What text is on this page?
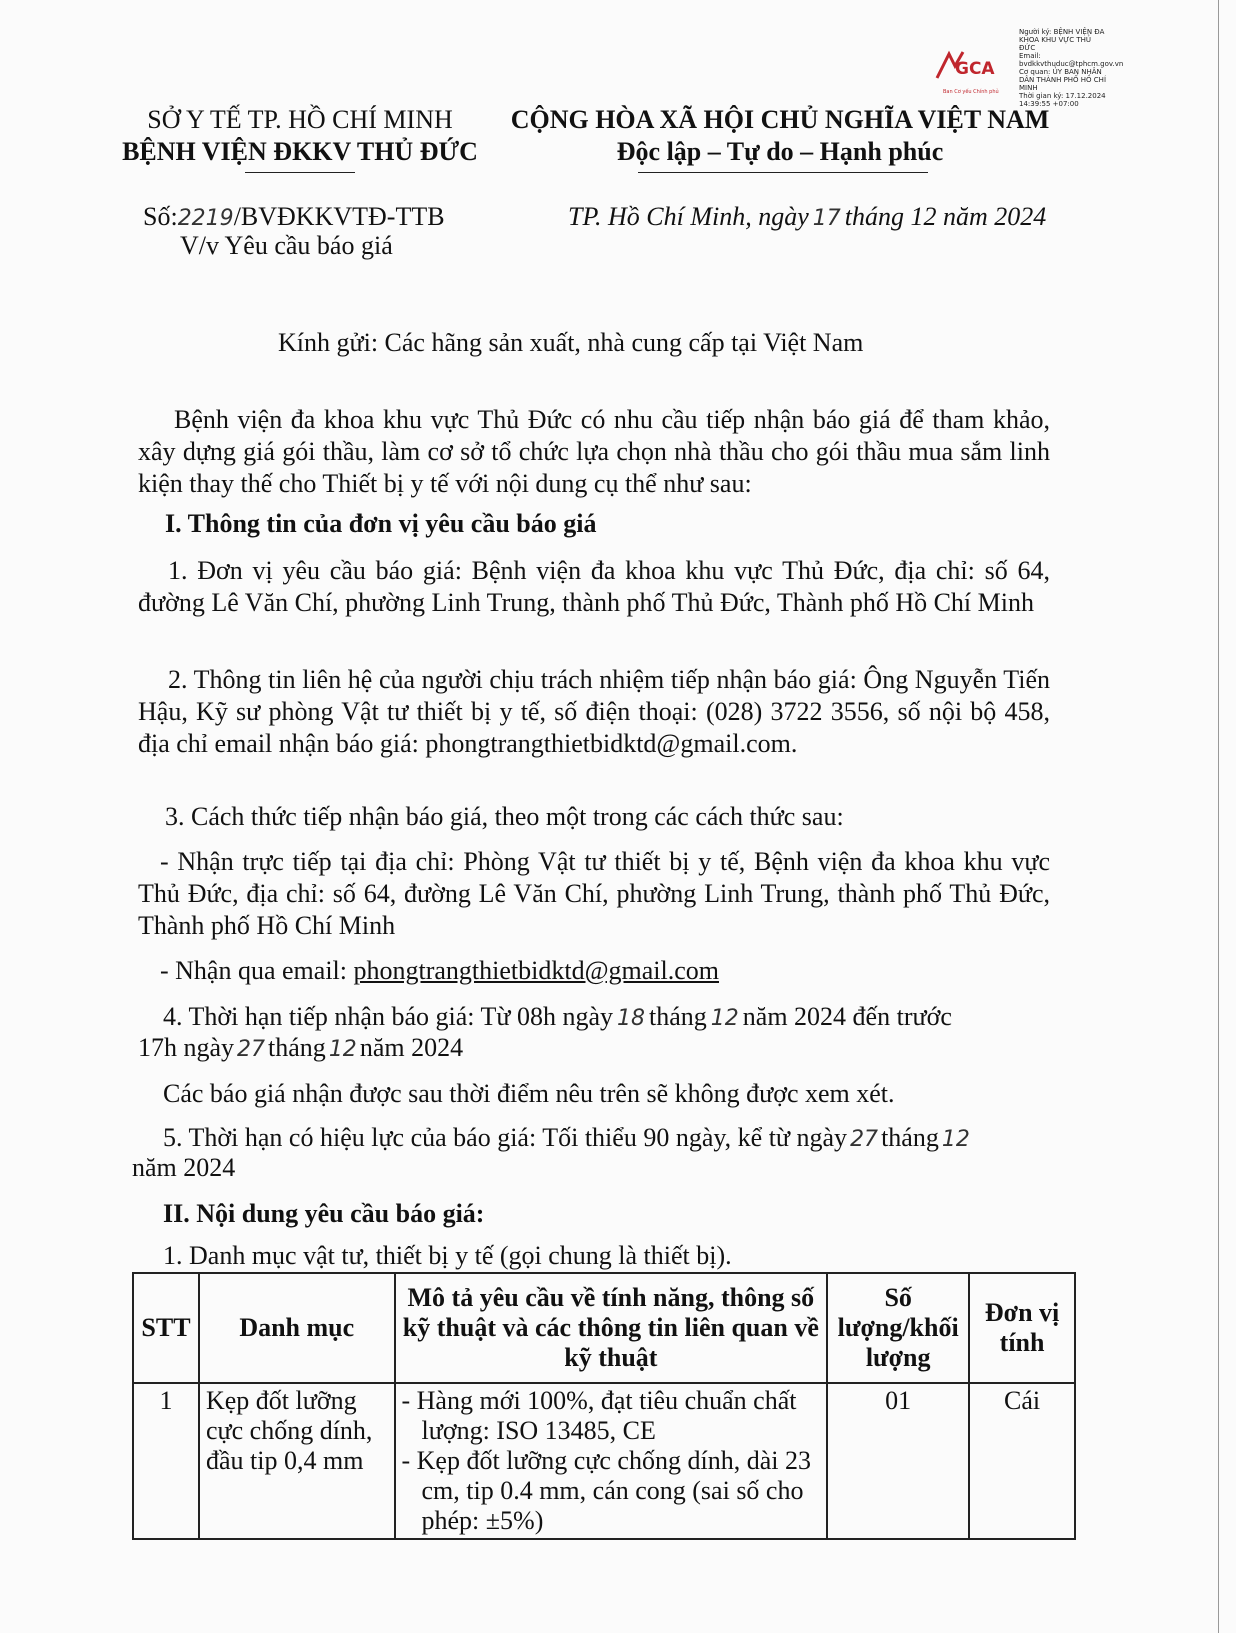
GCA
Ban Cơ yếu Chính phủ
Người ký: BỆNH VIỆN ĐA
KHOA KHU VỰC THỦ
ĐỨC
Email:
bvdkkvthuduc@tphcm.gov.vn
Cơ quan: ỦY BAN NHÂN
DÂN THÀNH PHỐ HỒ CHÍ
MINH
Thời gian ký: 17.12.2024
14:39:55 +07:00
SỞ Y TẾ TP. HỒ CHÍ MINH
BỆNH VIỆN ĐKKV THỦ ĐỨC
CỘNG HÒA XÃ HỘI CHỦ NGHĨA VIỆT NAM
Độc lập – Tự do – Hạnh phúc
Số:2219/BVĐKKVTĐ-TTB
V/v Yêu cầu báo giá
TP. Hồ Chí Minh, ngày 17 tháng 12 năm 2024
Kính gửi: Các hãng sản xuất, nhà cung cấp tại Việt Nam
Bệnh viện đa khoa khu vực Thủ Đức có nhu cầu tiếp nhận báo giá để tham khảo, xây dựng giá gói thầu, làm cơ sở tổ chức lựa chọn nhà thầu cho gói thầu mua sắm linh kiện thay thế cho Thiết bị y tế với nội dung cụ thể như sau:
I. Thông tin của đơn vị yêu cầu báo giá
1. Đơn vị yêu cầu báo giá: Bệnh viện đa khoa khu vực Thủ Đức, địa chỉ: số 64, đường Lê Văn Chí, phường Linh Trung, thành phố Thủ Đức, Thành phố Hồ Chí Minh
2. Thông tin liên hệ của người chịu trách nhiệm tiếp nhận báo giá: Ông Nguyễn Tiến Hậu, Kỹ sư phòng Vật tư thiết bị y tế, số điện thoại: (028) 3722 3556, số nội bộ 458, địa chỉ email nhận báo giá: phongtrangthietbidktd@gmail.com.
3. Cách thức tiếp nhận báo giá, theo một trong các cách thức sau:
- Nhận trực tiếp tại địa chỉ: Phòng Vật tư thiết bị y tế, Bệnh viện đa khoa khu vực Thủ Đức, địa chỉ: số 64, đường Lê Văn Chí, phường Linh Trung, thành phố Thủ Đức, Thành phố Hồ Chí Minh
- Nhận qua email: phongtrangthietbidktd@gmail.com
4. Thời hạn tiếp nhận báo giá: Từ 08h ngày 18 tháng 12 năm 2024 đến trước
17h ngày 27 tháng 12 năm 2024
Các báo giá nhận được sau thời điểm nêu trên sẽ không được xem xét.
5. Thời hạn có hiệu lực của báo giá: Tối thiểu 90 ngày, kể từ ngày 27 tháng 12
năm 2024
II. Nội dung yêu cầu báo giá:
1. Danh mục vật tư, thiết bị y tế (gọi chung là thiết bị).
STT	Danh mục	Mô tả yêu cầu về tính năng, thông số kỹ thuật và các thông tin liên quan về kỹ thuật	Số lượng/khối lượng	Đơn vị tính
1	Kẹp đốt lưỡng cực chống dính, đầu tip 0,4 mm	- Hàng mới 100%, đạt tiêu chuẩn chất lượng: ISO 13485, CE
- Kẹp đốt lưỡng cực chống dính, dài 23 cm, tip 0.4 mm, cán cong (sai số cho phép: ±5%)	01	Cái
